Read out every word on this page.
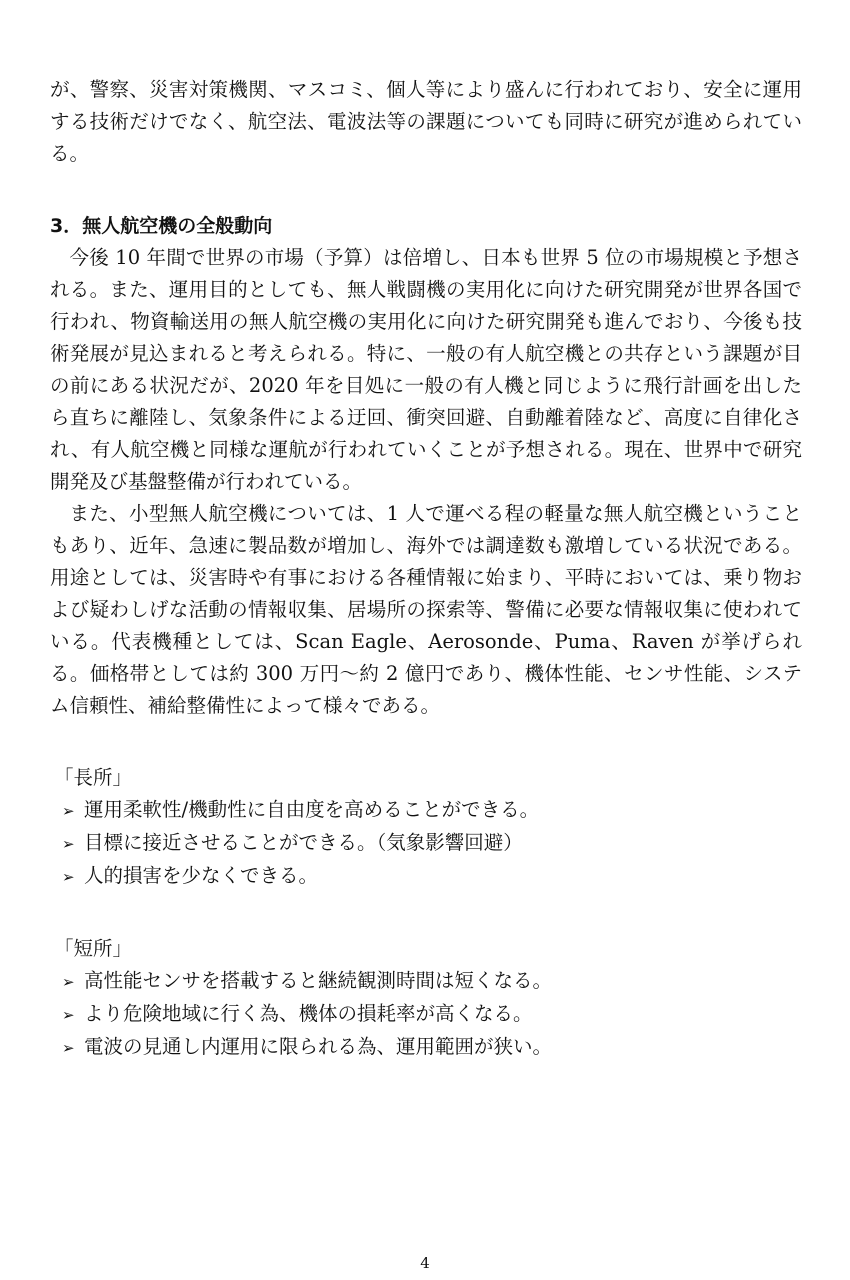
が、警察、災害対策機関、マスコミ、個人等により盛んに行われており、安全に運用する技術だけでなく、航空法、電波法等の課題についても同時に研究が進められている。

3．無人航空機の全般動向

今後 10 年間で世界の市場（予算）は倍増し、日本も世界 5 位の市場規模と予想される。また、運用目的としても、無人戦闘機の実用化に向けた研究開発が世界各国で行われ、物資輸送用の無人航空機の実用化に向けた研究開発も進んでおり、今後も技術発展が見込まれると考えられる。特に、一般の有人航空機との共存という課題が目の前にある状況だが、2020 年を目処に一般の有人機と同じように飛行計画を出したら直ちに離陸し、気象条件による迂回、衝突回避、自動離着陸など、高度に自律化され、有人航空機と同様な運航が行われていくことが予想される。現在、世界中で研究開発及び基盤整備が行われている。

また、小型無人航空機については、1 人で運べる程の軽量な無人航空機ということもあり、近年、急速に製品数が増加し、海外では調達数も激増している状況である。用途としては、災害時や有事における各種情報に始まり、平時においては、乗り物および疑わしげな活動の情報収集、居場所の探索等、警備に必要な情報収集に使われている。代表機種としては、Scan Eagle、Aerosonde、Puma、Raven が挙げられる。価格帯としては約 300 万円～約 2 億円であり、機体性能、センサ性能、システム信頼性、補給整備性によって様々である。

「長所」
➢ 運用柔軟性/機動性に自由度を高めることができる。
➢ 目標に接近させることができる。（気象影響回避）
➢ 人的損害を少なくできる。
「短所」
➢ 高性能センサを搭載すると継続観測時間は短くなる。
➢ より危険地域に行く為、機体の損耗率が高くなる。
➢ 電波の見通し内運用に限られる為、運用範囲が狭い。
4
